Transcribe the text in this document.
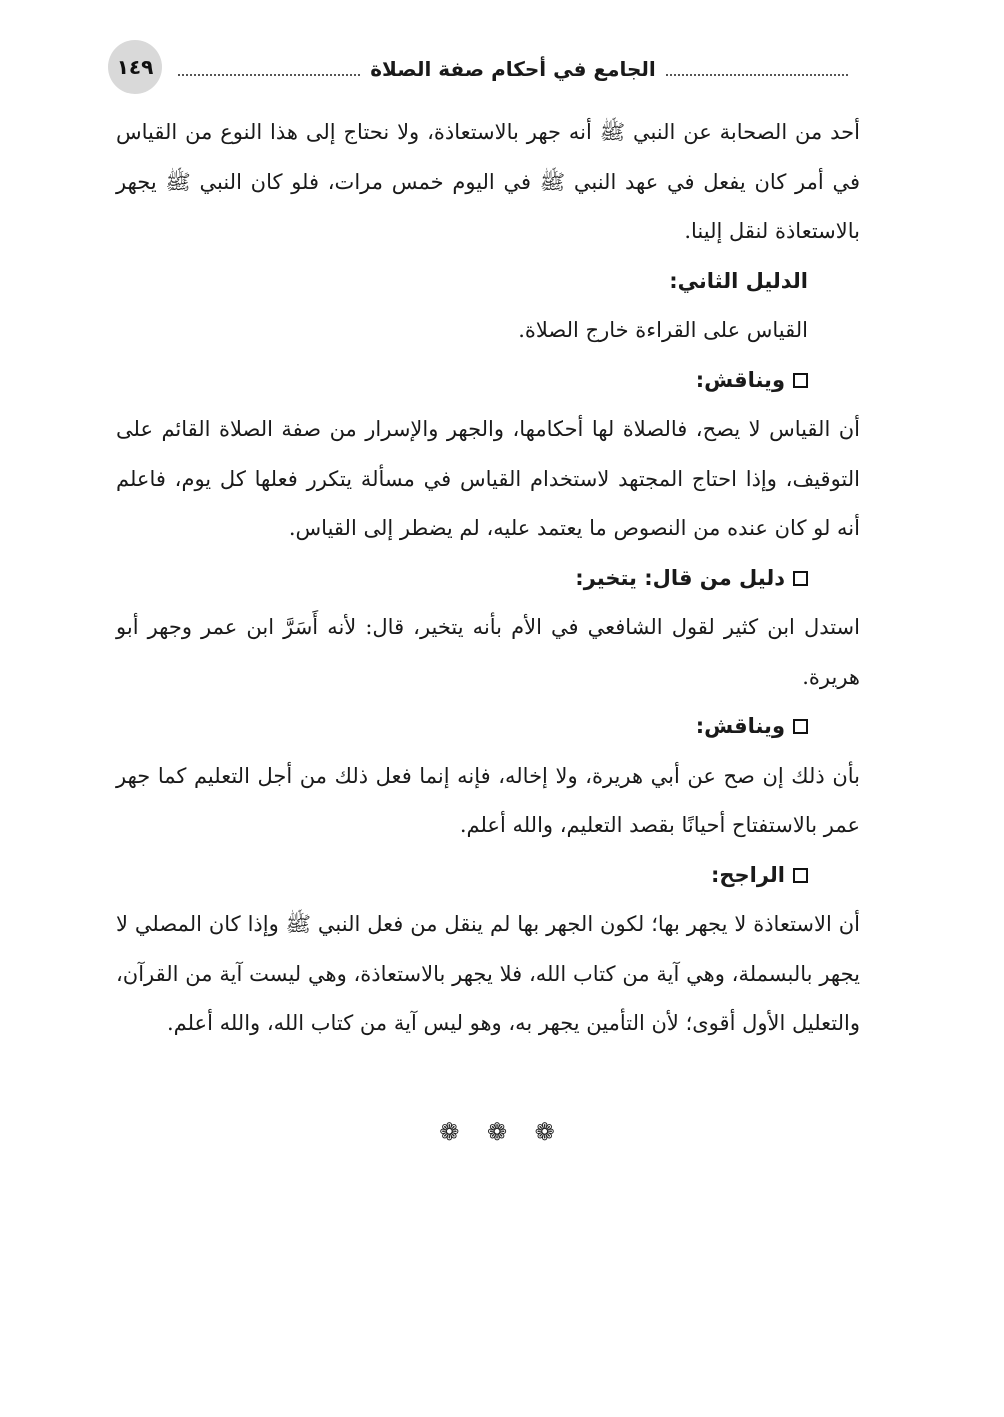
١٤٩	الجامع في أحكام صفة الصلاة

أحد من الصحابة عن النبي ﷺ أنه جهر بالاستعاذة، ولا نحتاج إلى هذا النوع من القياس في أمر كان يفعل في عهد النبي ﷺ في اليوم خمس مرات، فلو كان النبي ﷺ يجهر بالاستعاذة لنقل إلينا.

الدليل الثاني:

القياس على القراءة خارج الصلاة.

ويناقش:

أن القياس لا يصح، فالصلاة لها أحكامها، والجهر والإسرار من صفة الصلاة القائم على التوقيف، وإذا احتاج المجتهد لاستخدام القياس في مسألة يتكرر فعلها كل يوم، فاعلم أنه لو كان عنده من النصوص ما يعتمد عليه، لم يضطر إلى القياس.

دليل من قال: يتخير:

استدل ابن كثير لقول الشافعي في الأم بأنه يتخير، قال: لأنه أَسَرَّ ابن عمر وجهر أبو هريرة.

ويناقش:

بأن ذلك إن صح عن أبي هريرة، ولا إخاله، فإنه إنما فعل ذلك من أجل التعليم كما جهر عمر بالاستفتاح أحيانًا بقصد التعليم، والله أعلم.

الراجح:

أن الاستعاذة لا يجهر بها؛ لكون الجهر بها لم ينقل من فعل النبي ﷺ وإذا كان المصلي لا يجهر بالبسملة، وهي آية من كتاب الله، فلا يجهر بالاستعاذة، وهي ليست آية من القرآن، والتعليل الأول أقوى؛ لأن التأمين يجهر به، وهو ليس آية من كتاب الله، والله أعلم.

❁ ❁ ❁
